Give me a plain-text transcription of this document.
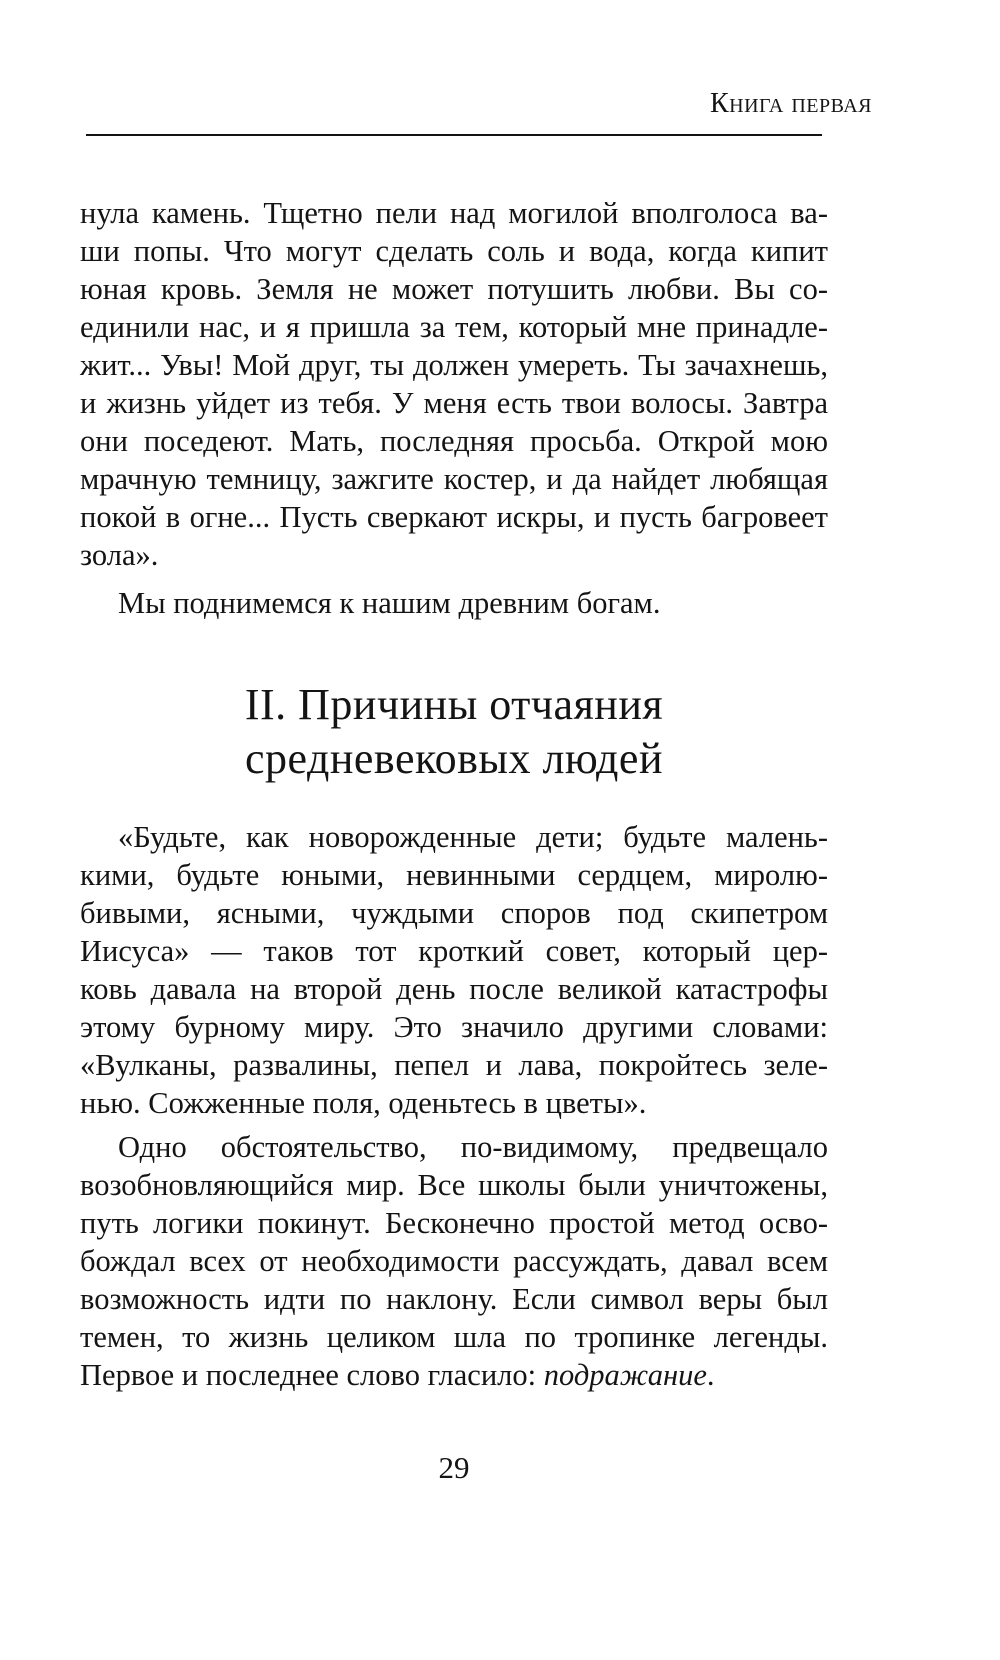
Книга первая
нула камень. Тщетно пели над могилой вполголоса ва-
ши попы. Что могут сделать соль и вода, когда кипит
юная кровь. Земля не может потушить любви. Вы со-
единили нас, и я пришла за тем, который мне принадле-
жит... Увы! Мой друг, ты должен умереть. Ты зачахнешь,
и жизнь уйдет из тебя. У меня есть твои волосы. Завтра
они поседеют. Мать, последняя просьба. Открой мою
мрачную темницу, зажгите костер, и да найдет любящая
покой в огне... Пусть сверкают искры, и пусть багровеет
зола».
Мы поднимемся к нашим древним богам.
II. Причины отчаяния
средневековых людей
«Будьте, как новорожденные дети; будьте малень-
кими, будьте юными, невинными сердцем, миролю-
бивыми, ясными, чуждыми споров под скипетром
Иисуса» — таков тот кроткий совет, который цер-
ковь давала на второй день после великой катастрофы
этому бурному миру. Это значило другими словами:
«Вулканы, развалины, пепел и лава, покройтесь зеле-
нью. Сожженные поля, оденьтесь в цветы».
Одно обстоятельство, по-видимому, предвещало
возобновляющийся мир. Все школы были уничтожены,
путь логики покинут. Бесконечно простой метод осво-
бождал всех от необходимости рассуждать, давал всем
возможность идти по наклону. Если символ веры был
темен, то жизнь целиком шла по тропинке легенды.
Первое и последнее слово гласило: подражание.
29
